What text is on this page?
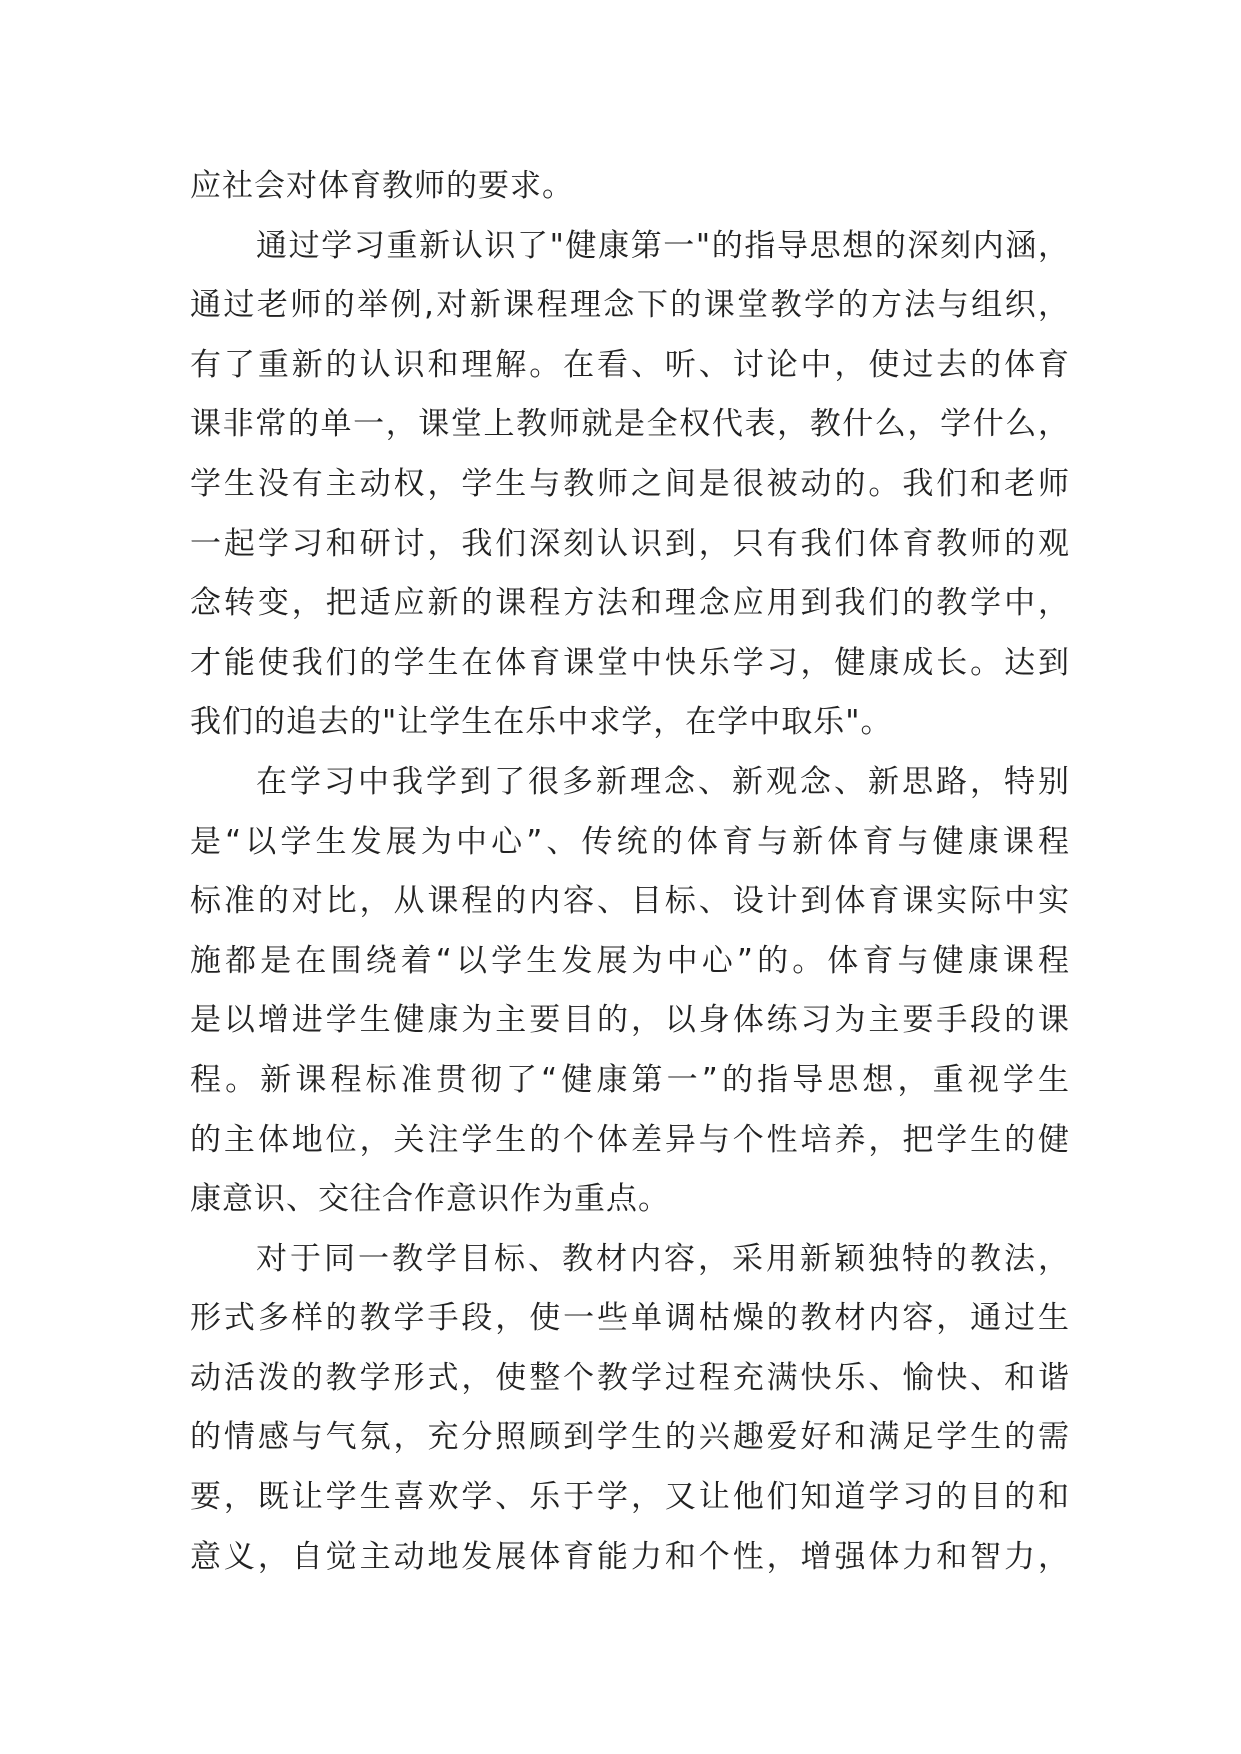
应社会对体育教师的要求。
通过学习重新认识了"健康第一"的指导思想的深刻内涵，
通过老师的举例,对新课程理念下的课堂教学的方法与组织，
有了重新的认识和理解。在看、听、讨论中，使过去的体育
课非常的单一，课堂上教师就是全权代表，教什么，学什么，
学生没有主动权，学生与教师之间是很被动的。我们和老师
一起学习和研讨，我们深刻认识到，只有我们体育教师的观
念转变，把适应新的课程方法和理念应用到我们的教学中，
才能使我们的学生在体育课堂中快乐学习，健康成长。达到
我们的追去的"让学生在乐中求学，在学中取乐"。
在学习中我学到了很多新理念、新观念、新思路，特别
是“以学生发展为中心”、传统的体育与新体育与健康课程
标准的对比，从课程的内容、目标、设计到体育课实际中实
施都是在围绕着“以学生发展为中心”的。体育与健康课程
是以增进学生健康为主要目的，以身体练习为主要手段的课
程。新课程标准贯彻了“健康第一”的指导思想，重视学生
的主体地位，关注学生的个体差异与个性培养，把学生的健
康意识、交往合作意识作为重点。
对于同一教学目标、教材内容，采用新颖独特的教法，
形式多样的教学手段，使一些单调枯燥的教材内容，通过生
动活泼的教学形式，使整个教学过程充满快乐、愉快、和谐
的情感与气氛，充分照顾到学生的兴趣爱好和满足学生的需
要，既让学生喜欢学、乐于学，又让他们知道学习的目的和
意义，自觉主动地发展体育能力和个性，增强体力和智力，
